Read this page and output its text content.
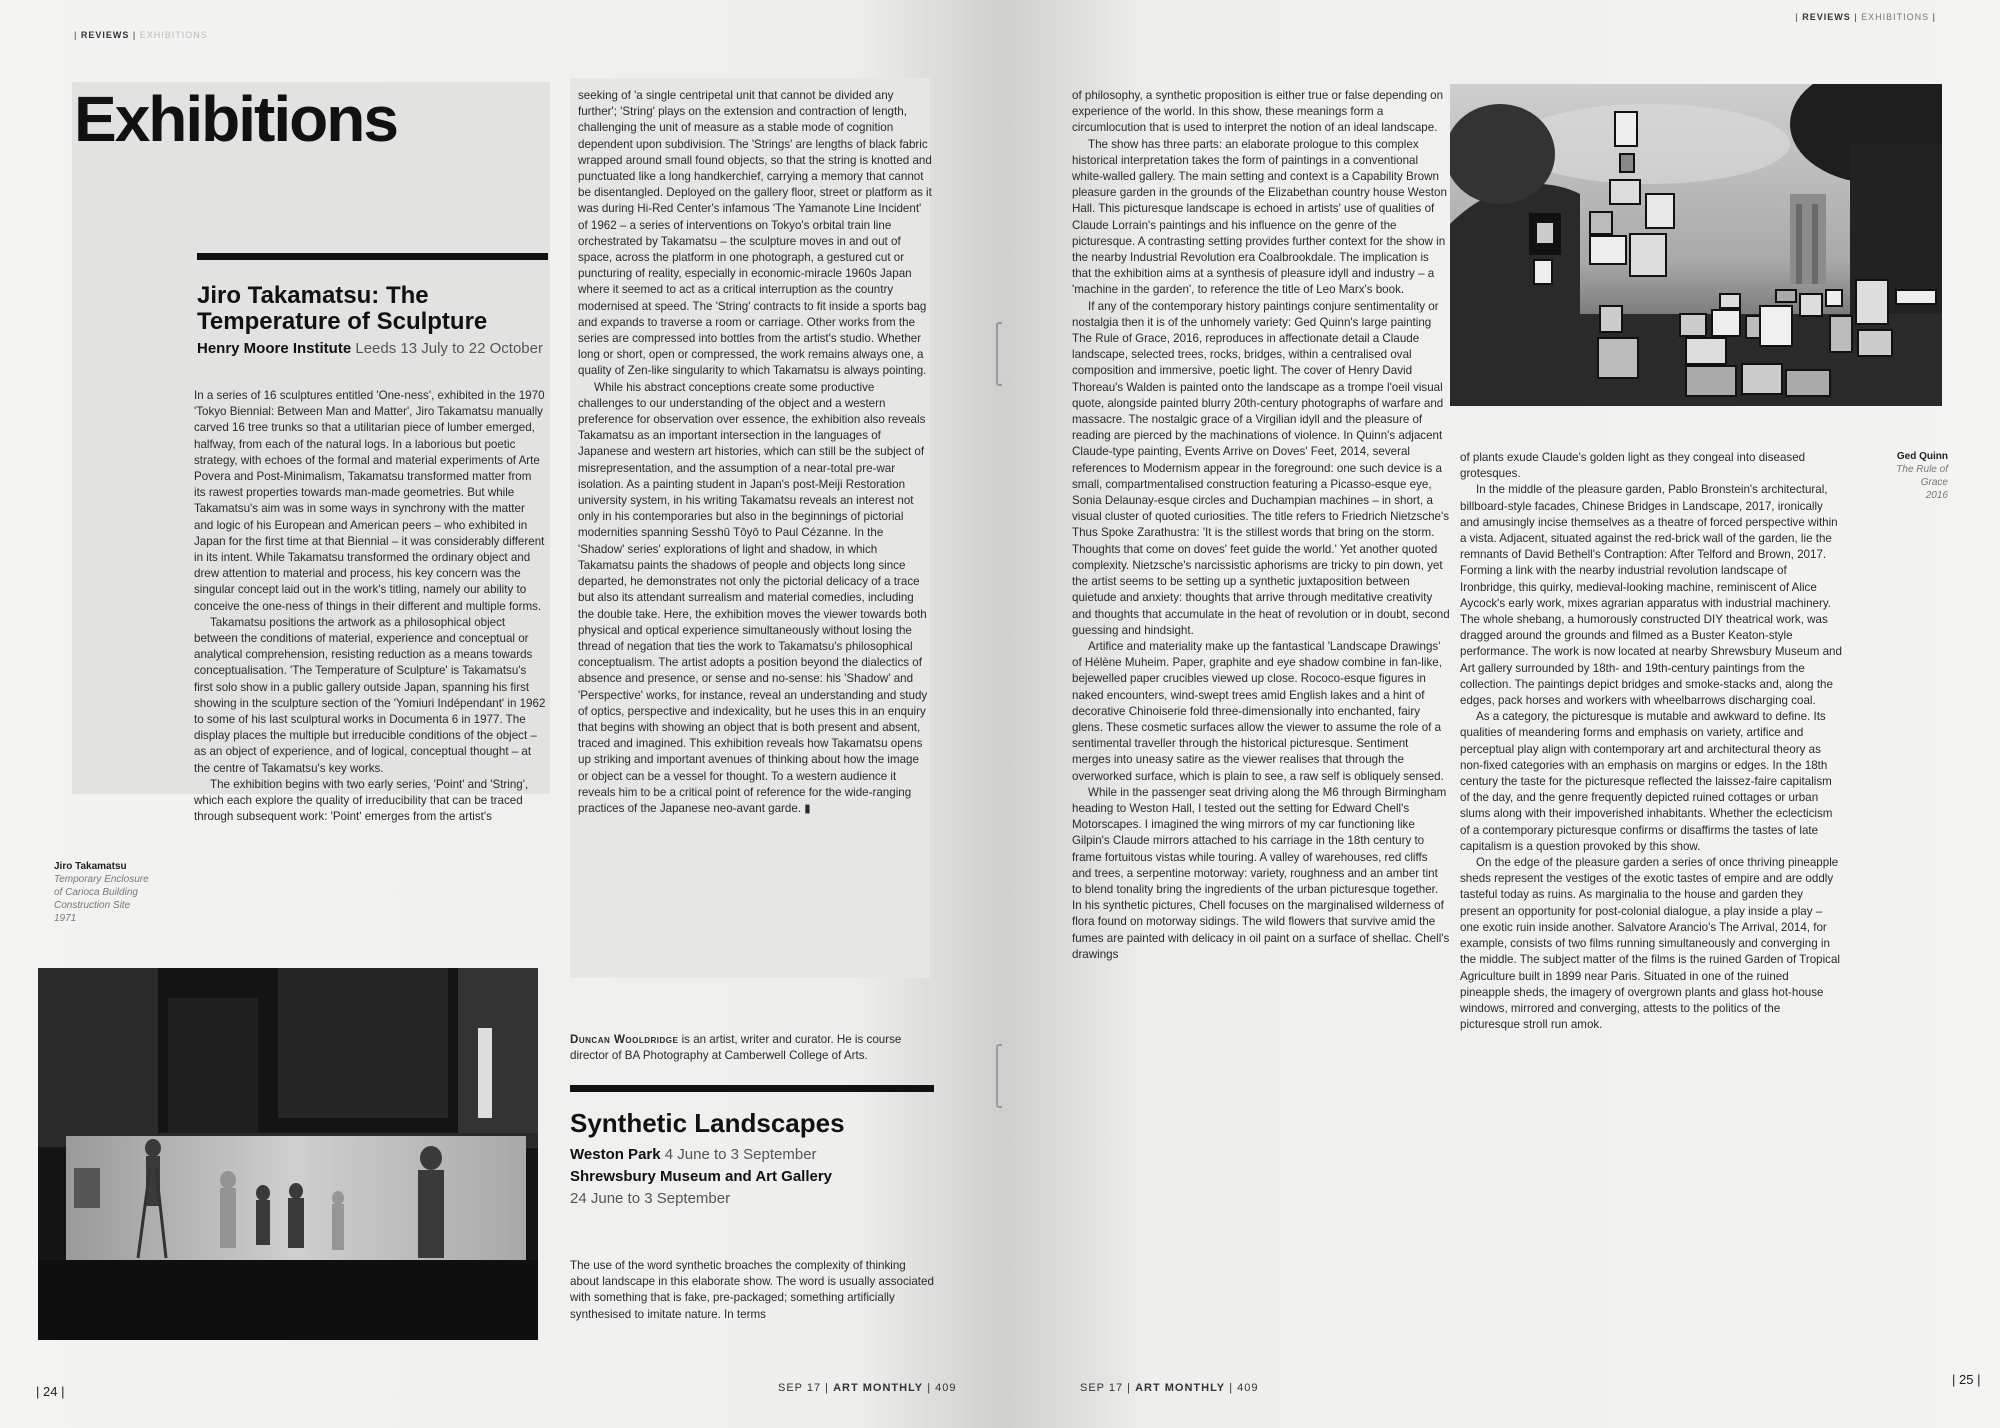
| REVIEWS | EXHIBITIONS
Exhibitions
Jiro Takamatsu: The
Temperature of Sculpture
Henry Moore Institute Leeds 13 July to 22 October

In a series of 16 sculptures entitled 'One-ness', exhibited in the 1970 'Tokyo Biennial: Between Man and Matter', Jiro Takamatsu manually carved 16 tree trunks so that a utilitarian piece of lumber emerged, halfway, from each of the natural logs. In a laborious but poetic strategy, with echoes of the formal and material experiments of Arte Povera and Post-Minimalism, Takamatsu transformed matter from its rawest properties towards man-made geometries. But while Takamatsu's aim was in some ways in synchrony with the matter and logic of his European and American peers – who exhibited in Japan for the first time at that Biennial – it was considerably different in its intent. While Takamatsu transformed the ordinary object and drew attention to material and process, his key concern was the singular concept laid out in the work's titling, namely our ability to conceive the one-ness of things in their different and multiple forms.

Takamatsu positions the artwork as a philosophical object between the conditions of material, experience and conceptual or analytical comprehension, resisting reduction as a means towards conceptualisation. 'The Temperature of Sculpture' is Takamatsu's first solo show in a public gallery outside Japan, spanning his first showing in the sculpture section of the 'Yomiuri Indépendant' in 1962 to some of his last sculptural works in Documenta 6 in 1977. The display places the multiple but irreducible conditions of the object – as an object of experience, and of logical, conceptual thought – at the centre of Takamatsu's key works.

The exhibition begins with two early series, 'Point' and 'String', which each explore the quality of irreducibility that can be traced through subsequent work: 'Point' emerges from the artist's

seeking of 'a single centripetal unit that cannot be divided any further'; 'String' plays on the extension and contraction of length, challenging the unit of measure as a stable mode of cognition dependent upon subdivision. The 'Strings' are lengths of black fabric wrapped around small found objects, so that the string is knotted and punctuated like a long handkerchief, carrying a memory that cannot be disentangled. Deployed on the gallery floor, street or platform as it was during Hi-Red Center's infamous 'The Yamanote Line Incident' of 1962 – a series of interventions on Tokyo's orbital train line orchestrated by Takamatsu – the sculpture moves in and out of space, across the platform in one photograph, a gestured cut or puncturing of reality, especially in economic-miracle 1960s Japan where it seemed to act as a critical interruption as the country modernised at speed. The 'String' contracts to fit inside a sports bag and expands to traverse a room or carriage. Other works from the series are compressed into bottles from the artist's studio. Whether long or short, open or compressed, the work remains always one, a quality of Zen-like singularity to which Takamatsu is always pointing.

While his abstract conceptions create some productive challenges to our understanding of the object and a western preference for observation over essence, the exhibition also reveals Takamatsu as an important intersection in the languages of Japanese and western art histories, which can still be the subject of misrepresentation, and the assumption of a near-total pre-war isolation. As a painting student in Japan's post-Meiji Restoration university system, in his writing Takamatsu reveals an interest not only in his contemporaries but also in the beginnings of pictorial modernities spanning Sesshū Tōyō to Paul Cézanne. In the 'Shadow' series' explorations of light and shadow, in which Takamatsu paints the shadows of people and objects long since departed, he demonstrates not only the pictorial delicacy of a trace but also its attendant surrealism and material comedies, including the double take. Here, the exhibition moves the viewer towards both physical and optical experience simultaneously without losing the thread of negation that ties the work to Takamatsu's philosophical conceptualism. The artist adopts a position beyond the dialectics of absence and presence, or sense and no-sense: his 'Shadow' and 'Perspective' works, for instance, reveal an understanding and study of optics, perspective and indexicality, but he uses this in an enquiry that begins with showing an object that is both present and absent, traced and imagined. This exhibition reveals how Takamatsu opens up striking and important avenues of thinking about how the image or object can be a vessel for thought. To a western audience it reveals him to be a critical point of reference for the wide-ranging practices of the Japanese neo-avant garde. ▮

Duncan Wooldridge is an artist, writer and curator. He is course director of BA Photography at Camberwell College of Arts.
Jiro Takamatsu
Temporary Enclosure
of Carioca Building
Construction Site
1971
Synthetic Landscapes
Weston Park 4 June to 3 September
Shrewsbury Museum and Art Gallery
24 June to 3 September

The use of the word synthetic broaches the complexity of thinking about landscape in this elaborate show. The word is usually associated with something that is fake, pre-packaged; something artificially synthesised to imitate nature. In terms

| 24 |	SEP 17 | ART MONTHLY | 409
| REVIEWS | EXHIBITIONS |

of philosophy, a synthetic proposition is either true or false depending on experience of the world. In this show, these meanings form a circumlocution that is used to interpret the notion of an ideal landscape.

The show has three parts: an elaborate prologue to this complex historical interpretation takes the form of paintings in a conventional white-walled gallery. The main setting and context is a Capability Brown pleasure garden in the grounds of the Elizabethan country house Weston Hall. This picturesque landscape is echoed in artists' use of qualities of Claude Lorrain's paintings and his influence on the genre of the picturesque. A contrasting setting provides further context for the show in the nearby Industrial Revolution era Coalbrookdale. The implication is that the exhibition aims at a synthesis of pleasure idyll and industry – a 'machine in the garden', to reference the title of Leo Marx's book.

If any of the contemporary history paintings conjure sentimentality or nostalgia then it is of the unhomely variety: Ged Quinn's large painting The Rule of Grace, 2016, reproduces in affectionate detail a Claude landscape, selected trees, rocks, bridges, within a centralised oval composition and immersive, poetic light. The cover of Henry David Thoreau's Walden is painted onto the landscape as a trompe l'oeil visual quote, alongside painted blurry 20th-century photographs of warfare and massacre. The nostalgic grace of a Virgilian idyll and the pleasure of reading are pierced by the machinations of violence. In Quinn's adjacent Claude-type painting, Events Arrive on Doves' Feet, 2014, several references to Modernism appear in the foreground: one such device is a small, compartmentalised construction featuring a Picasso-esque eye, Sonia Delaunay-esque circles and Duchampian machines – in short, a visual cluster of quoted curiosities. The title refers to Friedrich Nietzsche's Thus Spoke Zarathustra: 'It is the stillest words that bring on the storm. Thoughts that come on doves' feet guide the world.' Yet another quoted complexity. Nietzsche's narcissistic aphorisms are tricky to pin down, yet the artist seems to be setting up a synthetic juxtaposition between quietude and anxiety: thoughts that arrive through meditative creativity and thoughts that accumulate in the heat of revolution or in doubt, second guessing and hindsight.

Artifice and materiality make up the fantastical 'Landscape Drawings' of Hélène Muheim. Paper, graphite and eye shadow combine in fan-like, bejewelled paper crucibles viewed up close. Rococo-esque figures in naked encounters, wind-swept trees amid English lakes and a hint of decorative Chinoiserie fold three-dimensionally into enchanted, fairy glens. These cosmetic surfaces allow the viewer to assume the role of a sentimental traveller through the historical picturesque. Sentiment merges into uneasy satire as the viewer realises that through the overworked surface, which is plain to see, a raw self is obliquely sensed.

While in the passenger seat driving along the M6 through Birmingham heading to Weston Hall, I tested out the setting for Edward Chell's Motorscapes. I imagined the wing mirrors of my car functioning like Gilpin's Claude mirrors attached to his carriage in the 18th century to frame fortuitous vistas while touring. A valley of warehouses, red cliffs and trees, a serpentine motorway: variety, roughness and an amber tint to blend tonality bring the ingredients of the urban picturesque together. In his synthetic pictures, Chell focuses on the marginalised wilderness of flora found on motorway sidings. The wild flowers that survive amid the fumes are painted with delicacy in oil paint on a surface of shellac. Chell's drawings

Ged Quinn
The Rule of Grace
2016

of plants exude Claude's golden light as they congeal into diseased grotesques.

In the middle of the pleasure garden, Pablo Bronstein's architectural, billboard-style facades, Chinese Bridges in Landscape, 2017, ironically and amusingly incise themselves as a theatre of forced perspective within a vista. Adjacent, situated against the red-brick wall of the garden, lie the remnants of David Bethell's Contraption: After Telford and Brown, 2017. Forming a link with the nearby industrial revolution landscape of Ironbridge, this quirky, medieval-looking machine, reminiscent of Alice Aycock's early work, mixes agrarian apparatus with industrial machinery. The whole shebang, a humorously constructed DIY theatrical work, was dragged around the grounds and filmed as a Buster Keaton-style performance. The work is now located at nearby Shrewsbury Museum and Art gallery surrounded by 18th- and 19th-century paintings from the collection. The paintings depict bridges and smoke-stacks and, along the edges, pack horses and workers with wheelbarrows discharging coal.

As a category, the picturesque is mutable and awkward to define. Its qualities of meandering forms and emphasis on variety, artifice and perceptual play align with contemporary art and architectural theory as non-fixed categories with an emphasis on margins or edges. In the 18th century the taste for the picturesque reflected the laissez-faire capitalism of the day, and the genre frequently depicted ruined cottages or urban slums along with their impoverished inhabitants. Whether the eclecticism of a contemporary picturesque confirms or disaffirms the tastes of late capitalism is a question provoked by this show.

On the edge of the pleasure garden a series of once thriving pineapple sheds represent the vestiges of the exotic tastes of empire and are oddly tasteful today as ruins. As marginalia to the house and garden they present an opportunity for post-colonial dialogue, a play inside a play – one exotic ruin inside another. Salvatore Arancio's The Arrival, 2014, for example, consists of two films running simultaneously and converging in the middle. The subject matter of the films is the ruined Garden of Tropical Agriculture built in 1899 near Paris. Situated in one of the ruined pineapple sheds, the imagery of overgrown plants and glass hot-house windows, mirrored and converging, attests to the politics of the picturesque stroll run amok.

SEP 17 | ART MONTHLY | 409
| 25 |
